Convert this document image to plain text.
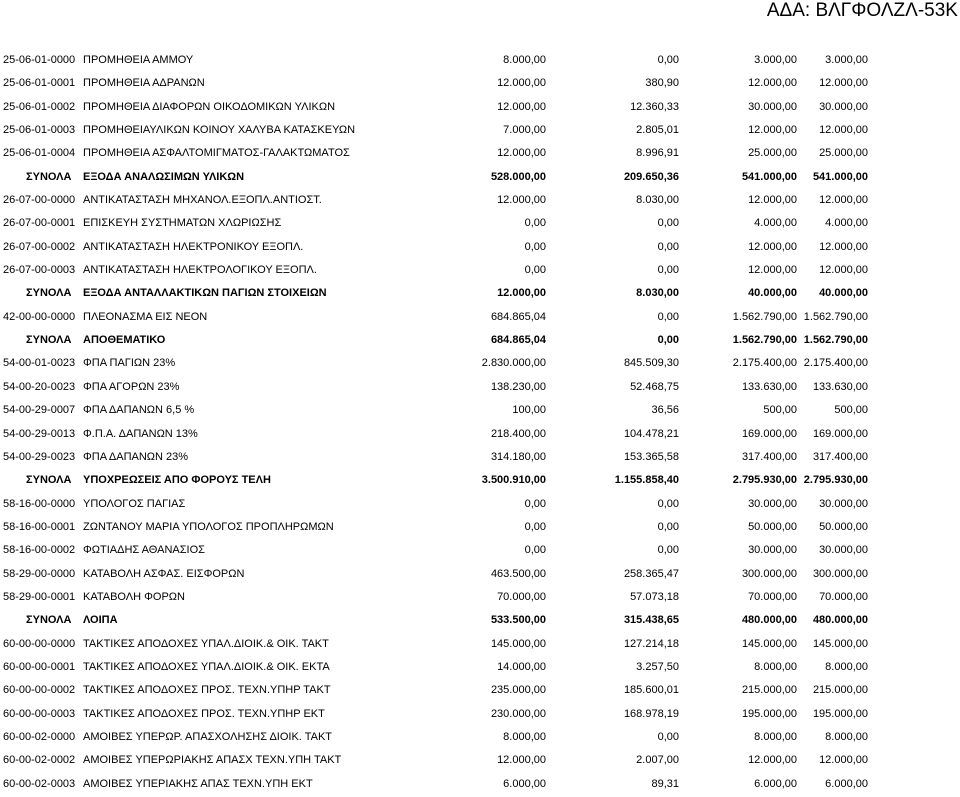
ΑΔΑ: ΒΛΓΦΟΛΖΛ-53Κ
25-06-01-0000 ΠΡΟΜΗΘΕΙΑ ΑΜΜΟΥ	8.000,00	0,00	3.000,00	3.000,00
25-06-01-0001 ΠΡΟΜΗΘΕΙΑ ΑΔΡΑΝΩΝ	12.000,00	380,90	12.000,00 12.000,00
25-06-01-0002 ΠΡΟΜΗΘΕΙΑ ΔΙΑΦΟΡΩΝ ΟΙΚΟΔΟΜΙΚΩΝ ΥΛΙΚΩΝ	12.000,00	12.360,33	30.000,00 30.000,00
25-06-01-0003 ΠΡΟΜΗΘΕΙΑΥΛΙΚΩΝ ΚΟΙΝΟΥ ΧΑΛΥΒΑ ΚΑΤΑΣΚΕΥΩΝ	7.000,00	2.805,01	12.000,00 12.000,00
25-06-01-0004 ΠΡΟΜΗΘΕΙΑ ΑΣΦΑΛΤΟΜΙΓΜΑΤΟΣ-ΓΑΛΑΚΤΩΜΑΤΟΣ	12.000,00	8.996,91	25.000,00 25.000,00
ΣΥΝΟΛΑ ΕΞΟΔΑ ΑΝΑΛΩΣΙΜΩΝ ΥΛΙΚΩΝ	528.000,00	209.650,36	541.000,00 541.000,00
26-07-00-0000 ΑΝΤΙΚΑΤΑΣΤΑΣΗ ΜΗΧΑΝΟΛ.ΕΞΟΠΛ.ΑΝΤΙΟΣΤ.	12.000,00	8.030,00	12.000,00 12.000,00
26-07-00-0001 ΕΠΙΣΚΕΥΗ ΣΥΣΤΗΜΑΤΩΝ ΧΛΩΡΙΩΣΗΣ	0,00	0,00	4.000,00	4.000,00
26-07-00-0002 ΑΝΤΙΚΑΤΑΣΤΑΣΗ ΗΛΕΚΤΡΟΝΙΚΟΥ ΕΞΟΠΛ.	0,00	0,00	12.000,00 12.000,00
26-07-00-0003 ΑΝΤΙΚΑΤΑΣΤΑΣΗ ΗΛΕΚΤΡΟΛΟΓΙΚΟΥ ΕΞΟΠΛ.	0,00	0,00	12.000,00 12.000,00
ΣΥΝΟΛΑ ΕΞΟΔΑ ΑΝΤΑΛΛΑΚΤΙΚΩΝ ΠΑΓΙΩΝ ΣΤΟΙΧΕΙΩΝ	12.000,00	8.030,00	40.000,00 40.000,00
42-00-00-0000 ΠΛΕΟΝΑΣΜΑ ΕΙΣ ΝΕΟΝ	684.865,04	0,00	1.562.790,00 1.562.790,00
ΣΥΝΟΛΑ ΑΠΟΘΕΜΑΤΙΚΟ	684.865,04	0,00	1.562.790,00 1.562.790,00
54-00-01-0023 ΦΠΑ ΠΑΓΙΩΝ 23%	2.830.000,00	845.509,30	2.175.400,00 2.175.400,00
54-00-20-0023 ΦΠΑ ΑΓΟΡΩΝ 23%	138.230,00	52.468,75	133.630,00 133.630,00
54-00-29-0007 ΦΠΑ ΔΑΠΑΝΩΝ 6,5 %	100,00	36,56	500,00	500,00
54-00-29-0013 Φ.Π.Α. ΔΑΠΑΝΩΝ 13%	218.400,00	104.478,21	169.000,00 169.000,00
54-00-29-0023 ΦΠΑ ΔΑΠΑΝΩΝ 23%	314.180,00	153.365,58	317.400,00 317.400,00
ΣΥΝΟΛΑ ΥΠΟΧΡΕΩΣΕΙΣ ΑΠΟ ΦΟΡΟΥΣ ΤΕΛΗ	3.500.910,00	1.155.858,40	2.795.930,00 2.795.930,00
58-16-00-0000 ΥΠΟΛΟΓΟΣ ΠΑΓΙΑΣ	0,00	0,00	30.000,00 30.000,00
58-16-00-0001 ΖΩΝΤΑΝΟΥ ΜΑΡΙΑ ΥΠΟΛΟΓΟΣ ΠΡΟΠΛΗΡΩΜΩΝ	0,00	0,00	50.000,00 50.000,00
58-16-00-0002 ΦΩΤΙΑΔΗΣ ΑΘΑΝΑΣΙΟΣ	0,00	0,00	30.000,00 30.000,00
58-29-00-0000 ΚΑΤΑΒΟΛΗ ΑΣΦΑΣ. ΕΙΣΦΟΡΩΝ	463.500,00	258.365,47	300.000,00 300.000,00
58-29-00-0001 ΚΑΤΑΒΟΛΗ ΦΟΡΩΝ	70.000,00	57.073,18	70.000,00 70.000,00
ΣΥΝΟΛΑ ΛΟΙΠΑ	533.500,00	315.438,65	480.000,00 480.000,00
60-00-00-0000 ΤΑΚΤΙΚΕΣ ΑΠΟΔΟΧΕΣ ΥΠΑΛ.ΔΙΟΙΚ.& ΟΙΚ. ΤΑΚΤ	145.000,00	127.214,18	145.000,00 145.000,00
60-00-00-0001 ΤΑΚΤΙΚΕΣ ΑΠΟΔΟΧΕΣ ΥΠΑΛ.ΔΙΟΙΚ.& ΟΙΚ. ΕΚΤΑ	14.000,00	3.257,50	8.000,00	8.000,00
60-00-00-0002 ΤΑΚΤΙΚΕΣ ΑΠΟΔΟΧΕΣ ΠΡΟΣ. ΤΕΧΝ.ΥΠΗΡ ΤΑΚΤ	235.000,00	185.600,01	215.000,00 215.000,00
60-00-00-0003 ΤΑΚΤΙΚΕΣ ΑΠΟΔΟΧΕΣ ΠΡΟΣ. ΤΕΧΝ.ΥΠΗΡ ΕΚΤ	230.000,00	168.978,19	195.000,00 195.000,00
60-00-02-0000 ΑΜΟΙΒΕΣ ΥΠΕΡΩΡ. ΑΠΑΣΧΟΛΗΣΗΣ ΔΙΟΙΚ. ΤΑΚΤ	8.000,00	0,00	8.000,00	8.000,00
60-00-02-0002 ΑΜΟΙΒΕΣ ΥΠΕΡΩΡΙΑΚΗΣ ΑΠΑΣΧ ΤΕΧΝ.ΥΠΗ ΤΑΚΤ	12.000,00	2.007,00	12.000,00 12.000,00
60-00-02-0003 ΑΜΟΙΒΕΣ ΥΠΕΡΙΑΚΗΣ ΑΠΑΣ ΤΕΧΝ.ΥΠΗ ΕΚΤ	6.000,00	89,31	6.000,00	6.000,00
